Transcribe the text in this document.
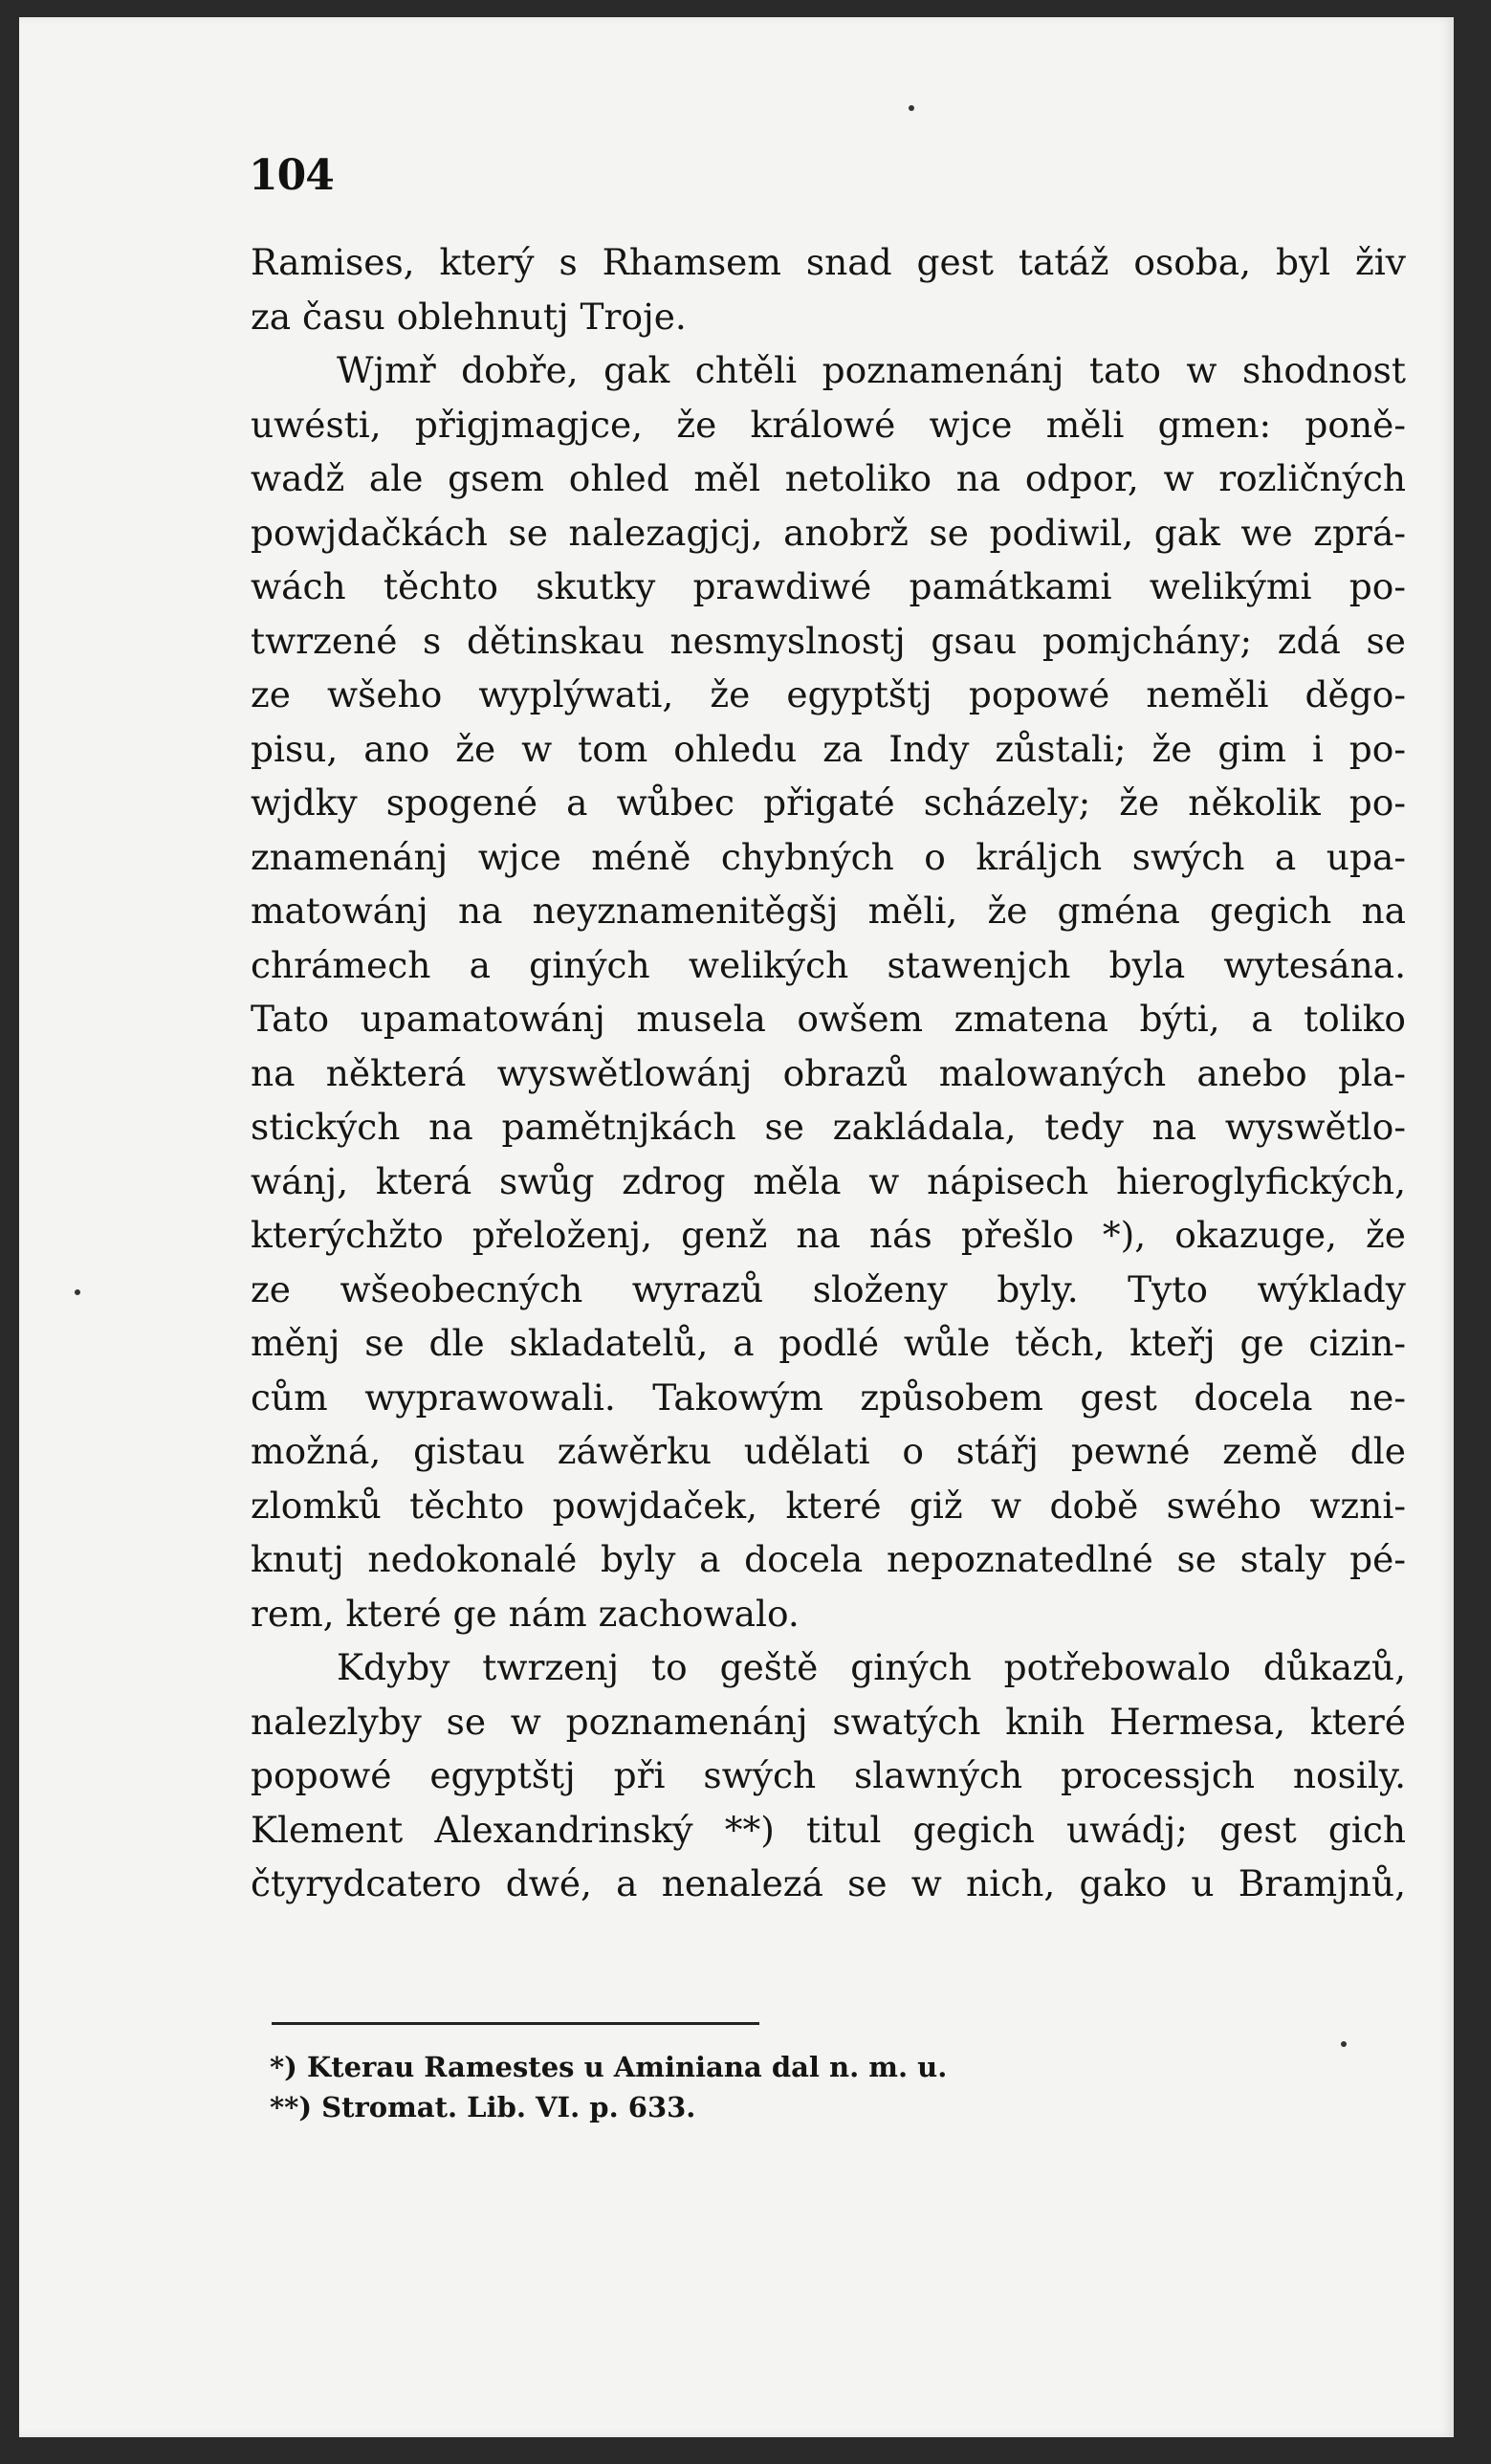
104
Ramises, který s Rhamsem snad gest tatáž osoba, byl živ
za času oblehnutj Troje.
Wjmř dobře, gak chtěli poznamenánj tato w shodnost
uwésti, přigjmagjce, že králowé wjce měli gmen: poně-
wadž ale gsem ohled měl netoliko na odpor, w rozličných
powjdačkách se nalezagjcj, anobrž se podiwil, gak we zprá-
wách těchto skutky prawdiwé památkami welikými po-
twrzené s dětinskau nesmyslnostj gsau pomjchány; zdá se
ze wšeho wyplýwati, že egyptštj popowé neměli děgo-
pisu, ano že w tom ohledu za Indy zůstali; že gim i po-
wjdky spogené a wůbec přigaté scházely; že několik po-
znamenánj wjce méně chybných o králjch swých a upa-
matowánj na neyznamenitěgšj měli, že gména gegich na
chrámech a giných welikých stawenjch byla wytesána.
Tato upamatowánj musela owšem zmatena býti, a toliko
na některá wyswětlowánj obrazů malowaných anebo pla-
stických na pamětnjkách se zakládala, tedy na wyswětlo-
wánj, která swůg zdrog měla w nápisech hieroglyfických,
kterýchžto přeloženj, genž na nás přešlo *), okazuge, že
ze wšeobecných wyrazů složeny byly. Tyto wýklady
měnj se dle skladatelů, a podlé wůle těch, kteřj ge cizin-
cům wyprawowali. Takowým způsobem gest docela ne-
možná, gistau záwěrku udělati o stářj pewné země dle
zlomků těchto powjdaček, které giž w době swého wzni-
knutj nedokonalé byly a docela nepoznatedlné se staly pé-
rem, které ge nám zachowalo.
Kdyby twrzenj to geště giných potřebowalo důkazů,
nalezlyby se w poznamenánj swatých knih Hermesa, které
popowé egyptštj při swých slawných processjch nosily.
Klement Alexandrinský **) titul gegich uwádj; gest gich
čtyrydcatero dwé, a nenalezá se w nich, gako u Bramjnů,
*) Kterau Ramestes u Aminiana dal n. m. u.
**) Stromat. Lib. VI. p. 633.
